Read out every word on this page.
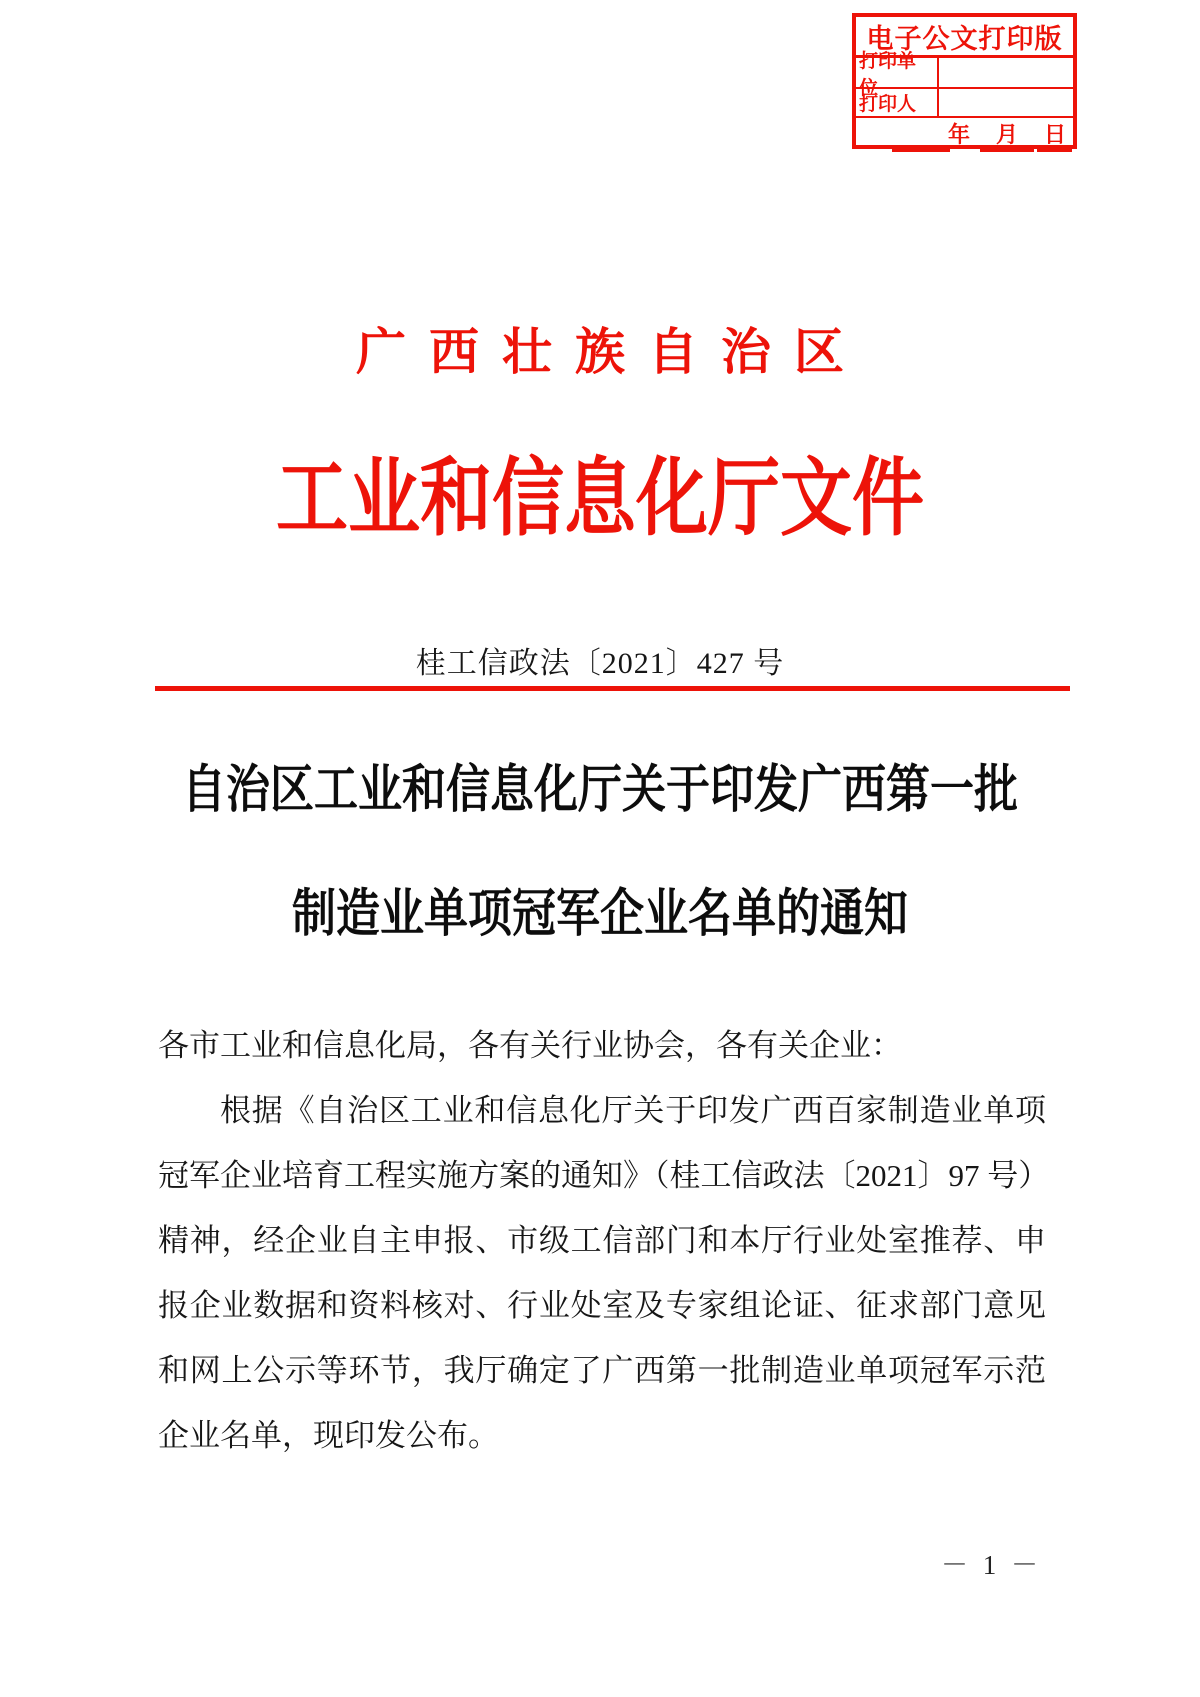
电子公文打印版
打印单位
打印人
年 月 日
广西壮族自治区
工业和信息化厅文件
桂工信政法〔2021〕427 号
自治区工业和信息化厅关于印发广西第一批
制造业单项冠军企业名单的通知
各市工业和信息化局，各有关行业协会，各有关企业：
根据《自治区工业和信息化厅关于印发广西百家制造业单项
冠军企业培育工程实施方案的通知》（桂工信政法〔2021〕97 号）
精神，经企业自主申报、市级工信部门和本厅行业处室推荐、申
报企业数据和资料核对、行业处室及专家组论证、征求部门意见
和网上公示等环节，我厅确定了广西第一批制造业单项冠军示范
企业名单，现印发公布。
－ 1 －
